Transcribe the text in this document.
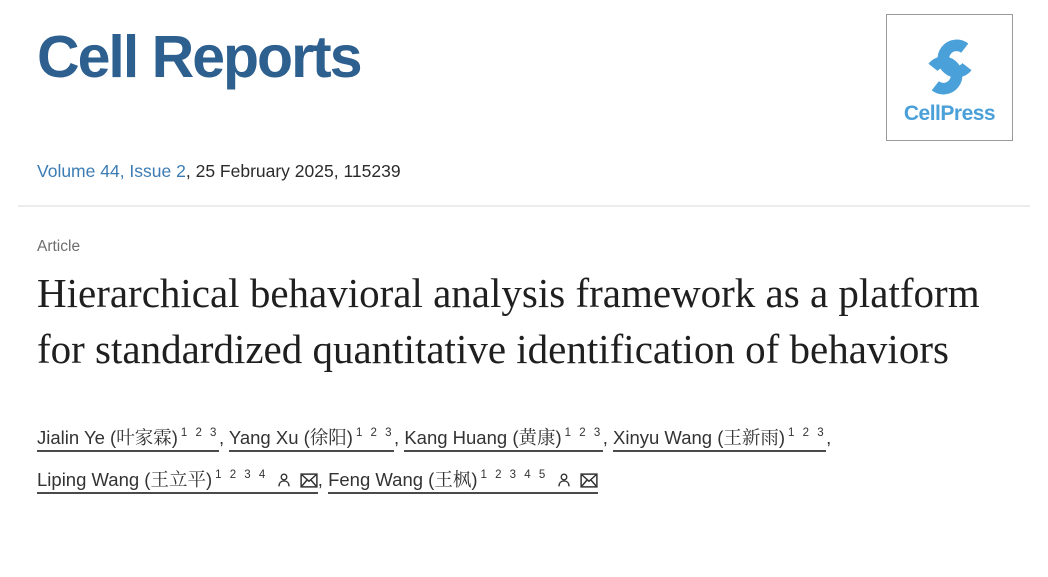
Cell Reports
CellPress
Volume 44, Issue 2, 25 February 2025, 115239
Article
Hierarchical behavioral analysis framework as a platform for standardized quantitative identification of behaviors
Jialin Ye (叶家霖) $^{1 2 3}$, Yang Xu (徐阳) $^{1 2 3}$, Kang Huang (黄康) $^{1 2 3}$, Xinyu Wang (王新雨) $^{1 2 3}$, Liping Wang (王立平) $^{1 2 3 4}$	, Feng Wang (王枫) $^{1 2 3 4 5}$
